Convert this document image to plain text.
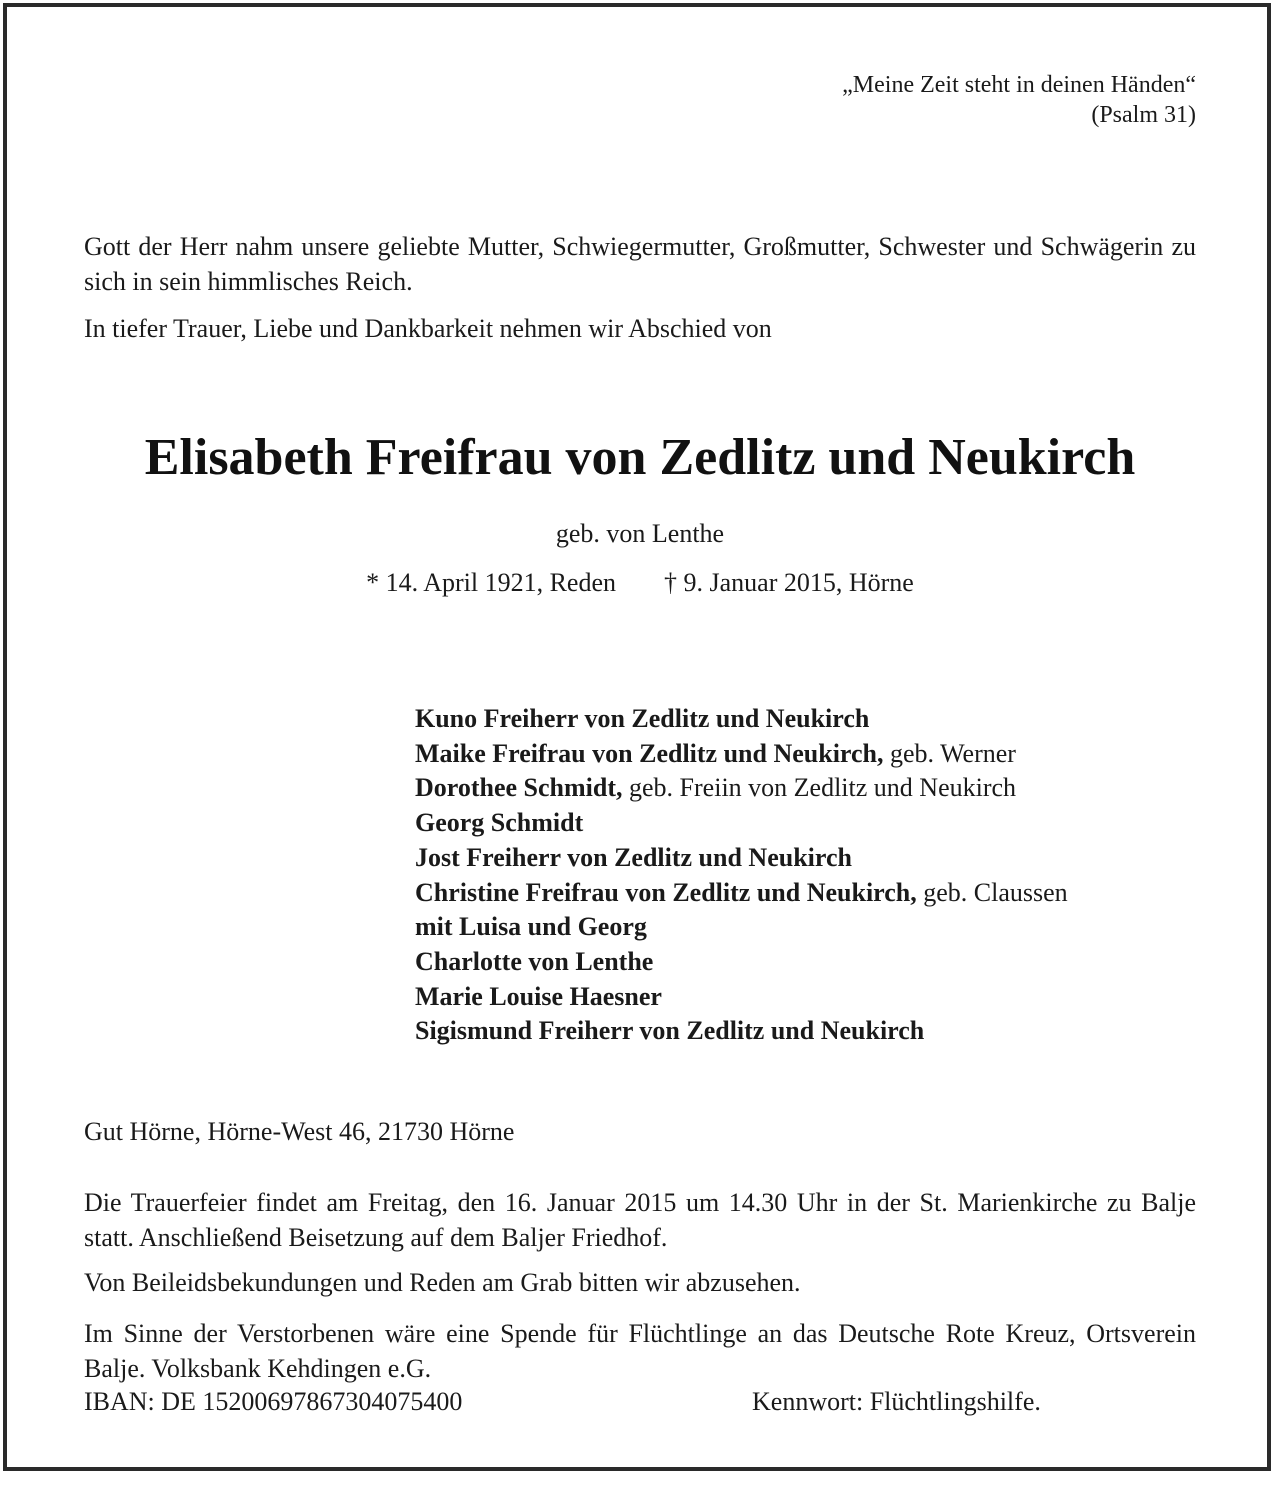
„Meine Zeit steht in deinen Händen“
(Psalm 31)

Gott der Herr nahm unsere geliebte Mutter, Schwiegermutter, Großmutter, Schwester und Schwägerin zu sich in sein himmlisches Reich.

In tiefer Trauer, Liebe und Dankbarkeit nehmen wir Abschied von

Elisabeth Freifrau von Zedlitz und Neukirch

geb. von Lenthe

* 14. April 1921, Reden † 9. Januar 2015, Hörne

Kuno Freiherr von Zedlitz und Neukirch
Maike Freifrau von Zedlitz und Neukirch, geb. Werner
Dorothee Schmidt, geb. Freiin von Zedlitz und Neukirch
Georg Schmidt
Jost Freiherr von Zedlitz und Neukirch
Christine Freifrau von Zedlitz und Neukirch, geb. Claussen
mit Luisa und Georg
Charlotte von Lenthe
Marie Louise Haesner
Sigismund Freiherr von Zedlitz und Neukirch

Gut Hörne, Hörne-West 46, 21730 Hörne

Die Trauerfeier findet am Freitag, den 16. Januar 2015 um 14.30 Uhr in der St. Marienkirche zu Balje statt. Anschließend Beisetzung auf dem Baljer Friedhof.

Von Beileidsbekundungen und Reden am Grab bitten wir abzusehen.

Im Sinne der Verstorbenen wäre eine Spende für Flüchtlinge an das Deutsche Rote Kreuz, Ortsverein Balje. Volksbank Kehdingen e.G.

IBAN: DE 15200697867304075400	Kennwort: Flüchtlingshilfe.
